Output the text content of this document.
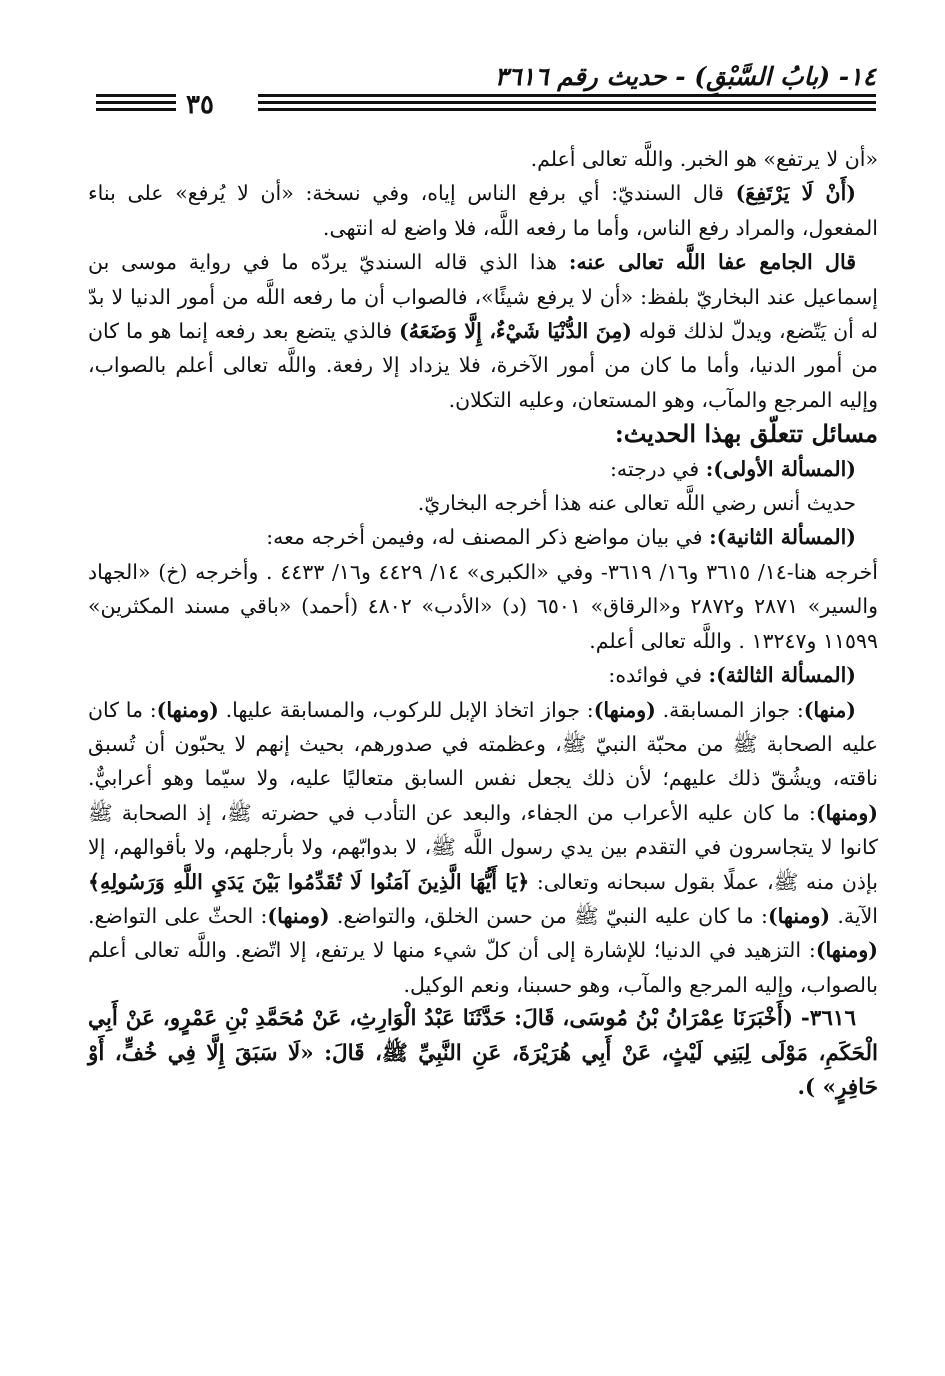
١٤- (بابُ السَّبْقِ) - حديث رقم ٣٦١٦
٣٥

«أن لا يرتفع» هو الخبر. واللَّه تعالى أعلم.

(أَنْ لَا يَرْتَفِعَ) قال السنديّ: أي برفع الناس إياه، وفي نسخة: «أن لا يُرفع» على بناء المفعول، والمراد رفع الناس، وأما ما رفعه اللَّه، فلا واضع له انتهى.

قال الجامع عفا اللَّه تعالى عنه: هذا الذي قاله السنديّ يردّه ما في رواية موسى بن إسماعيل عند البخاريّ بلفظ: «أن لا يرفع شيئًا»، فالصواب أن ما رفعه اللَّه من أمور الدنيا لا بدّ له أن يَتّضع، ويدلّ لذلك قوله (مِنَ الدُّنْيَا شَيْءٌ، إِلَّا وَضَعَهُ) فالذي يتضع بعد رفعه إنما هو ما كان من أمور الدنيا، وأما ما كان من أمور الآخرة، فلا يزداد إلا رفعة. واللَّه تعالى أعلم بالصواب، وإليه المرجع والمآب، وهو المستعان، وعليه التكلان.

مسائل تتعلّق بهذا الحديث:

(المسألة الأولى): في درجته:

حديث أنس رضي اللَّه تعالى عنه هذا أخرجه البخاريّ.

(المسألة الثانية): في بيان مواضع ذكر المصنف له، وفيمن أخرجه معه:

أخرجه هنا-١٤/ ٣٦١٥ و١٦/ ٣٦١٩- وفي «الكبرى» ١٤/ ٤٤٢٩ و١٦/ ٤٤٣٣ . وأخرجه (خ) «الجهاد والسير» ٢٨٧١ و٢٨٧٢ و«الرقاق» ٦٥٠١ (د) «الأدب» ٤٨٠٢ (أحمد) «باقي مسند المكثرين» ١١٥٩٩ و١٣٢٤٧ . واللَّه تعالى أعلم.

(المسألة الثالثة): في فوائده:

(منها): جواز المسابقة. (ومنها): جواز اتخاذ الإبل للركوب، والمسابقة عليها. (ومنها): ما كان عليه الصحابة ﷺ من محبّة النبيّ ﷺ، وعظمته في صدورهم، بحيث إنهم لا يحبّون أن تُسبق ناقته، ويشُقّ ذلك عليهم؛ لأن ذلك يجعل نفس السابق متعاليًا عليه، ولا سيّما وهو أعرابيٌّ. (ومنها): ما كان عليه الأعراب من الجفاء، والبعد عن التأدب في حضرته ﷺ، إذ الصحابة ﷺ كانوا لا يتجاسرون في التقدم بين يدي رسول اللَّه ﷺ، لا بدوابّهم، ولا بأرجلهم، ولا بأقوالهم، إلا بإذن منه ﷺ، عملًا بقول سبحانه وتعالى: ﴿يَا أَيُّهَا الَّذِينَ آمَنُوا لَا تُقَدِّمُوا بَيْنَ يَدَيِ اللَّهِ وَرَسُولِهِ﴾ الآية. (ومنها): ما كان عليه النبيّ ﷺ من حسن الخلق، والتواضع. (ومنها): الحثّ على التواضع. (ومنها): التزهيد في الدنيا؛ للإشارة إلى أن كلّ شيء منها لا يرتفع، إلا اتّضع. واللَّه تعالى أعلم بالصواب، وإليه المرجع والمآب، وهو حسبنا، ونعم الوكيل.

٣٦١٦- (أَخْبَرَنَا عِمْرَانُ بْنُ مُوسَى، قَالَ: حَدَّثَنَا عَبْدُ الْوَارِثِ، عَنْ مُحَمَّدِ بْنِ عَمْرٍو، عَنْ أَبِي الْحَكَمِ، مَوْلَى لِبَنِي لَيْثٍ، عَنْ أَبِي هُرَيْرَةَ، عَنِ النَّبِيِّ ﷺ، قَالَ: «لَا سَبَقَ إِلَّا فِي خُفٍّ، أَوْ حَافِرٍ» ).
